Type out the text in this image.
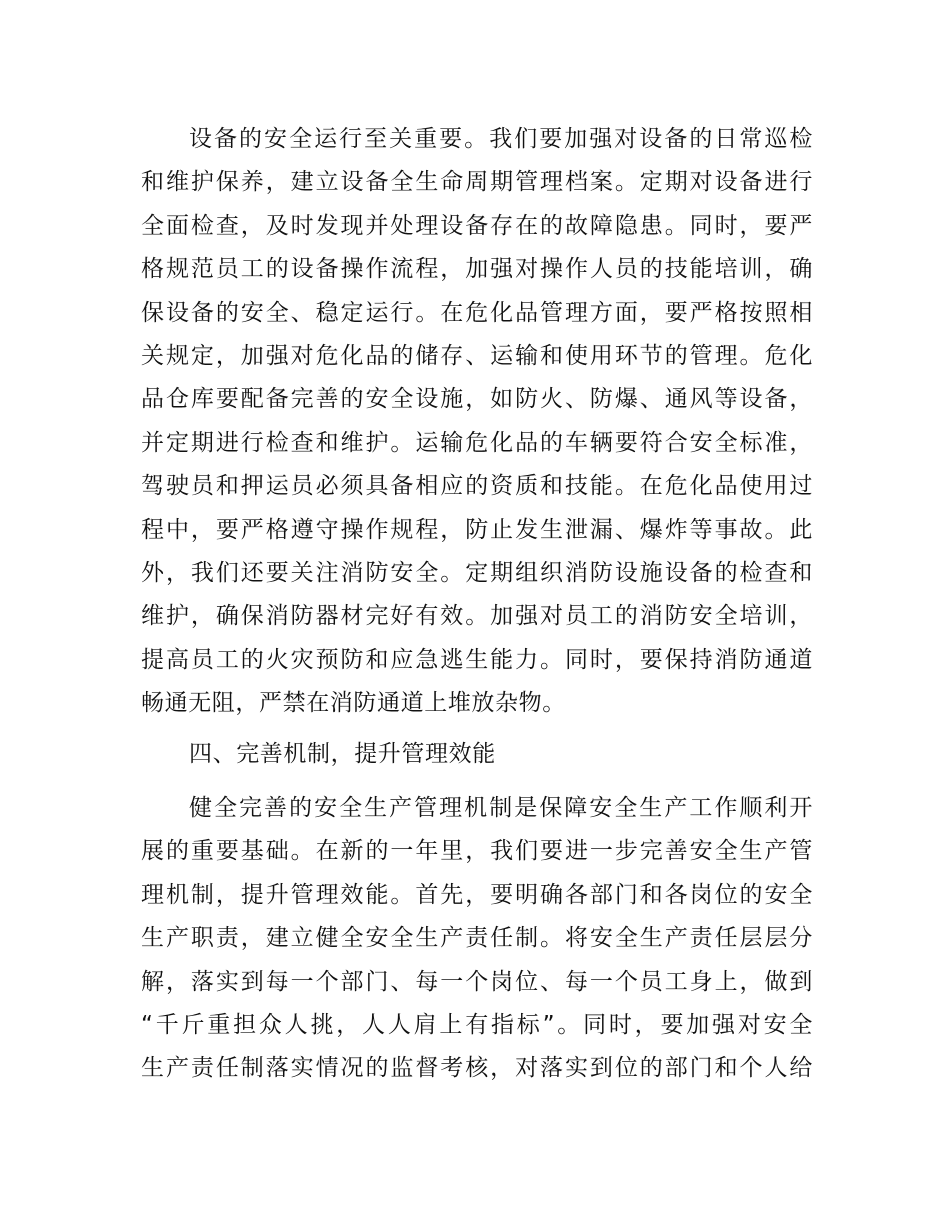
设备的安全运行至关重要。我们要加强对设备的日常巡检
和维护保养，建立设备全生命周期管理档案。定期对设备进行
全面检查，及时发现并处理设备存在的故障隐患。同时，要严
格规范员工的设备操作流程，加强对操作人员的技能培训，确
保设备的安全、稳定运行。在危化品管理方面，要严格按照相
关规定，加强对危化品的储存、运输和使用环节的管理。危化
品仓库要配备完善的安全设施，如防火、防爆、通风等设备，
并定期进行检查和维护。运输危化品的车辆要符合安全标准，
驾驶员和押运员必须具备相应的资质和技能。在危化品使用过
程中，要严格遵守操作规程，防止发生泄漏、爆炸等事故。此
外，我们还要关注消防安全。定期组织消防设施设备的检查和
维护，确保消防器材完好有效。加强对员工的消防安全培训，
提高员工的火灾预防和应急逃生能力。同时，要保持消防通道
畅通无阻，严禁在消防通道上堆放杂物。
四、完善机制，提升管理效能
健全完善的安全生产管理机制是保障安全生产工作顺利开
展的重要基础。在新的一年里，我们要进一步完善安全生产管
理机制，提升管理效能。首先，要明确各部门和各岗位的安全
生产职责，建立健全安全生产责任制。将安全生产责任层层分
解，落实到每一个部门、每一个岗位、每一个员工身上，做到
“千斤重担众人挑，人人肩上有指标”。同时，要加强对安全
生产责任制落实情况的监督考核，对落实到位的部门和个人给
